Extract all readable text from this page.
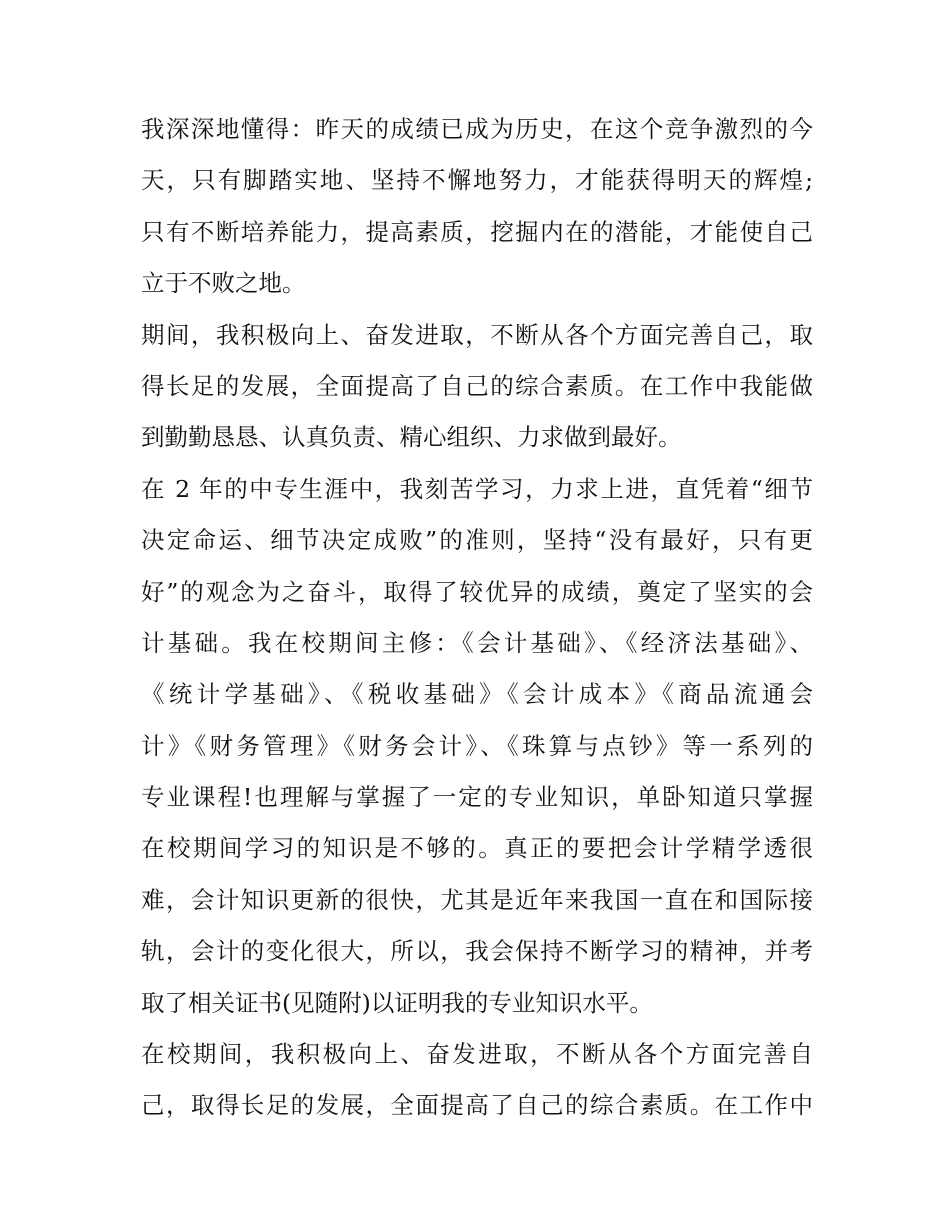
我深深地懂得：昨天的成绩已成为历史，在这个竞争激烈的今
天，只有脚踏实地、坚持不懈地努力，才能获得明天的辉煌;
只有不断培养能力，提高素质，挖掘内在的潜能，才能使自己
立于不败之地。
期间，我积极向上、奋发进取，不断从各个方面完善自己，取
得长足的发展，全面提高了自己的综合素质。在工作中我能做
到勤勤恳恳、认真负责、精心组织、力求做到最好。
在 2 年的中专生涯中，我刻苦学习，力求上进，直凭着“细节
决定命运、细节决定成败”的准则，坚持“没有最好，只有更
好”的观念为之奋斗，取得了较优异的成绩，奠定了坚实的会
计基础。我在校期间主修：《会计基础》、《经济法基础》、
《统计学基础》、《税收基础》《会计成本》《商品流通会
计》《财务管理》《财务会计》、《珠算与点钞》等一系列的
专业课程!也理解与掌握了一定的专业知识，单卧知道只掌握
在校期间学习的知识是不够的。真正的要把会计学精学透很
难，会计知识更新的很快，尤其是近年来我国一直在和国际接
轨，会计的变化很大，所以，我会保持不断学习的精神，并考
取了相关证书(见随附)以证明我的专业知识水平。
在校期间，我积极向上、奋发进取，不断从各个方面完善自
己，取得长足的发展，全面提高了自己的综合素质。在工作中
